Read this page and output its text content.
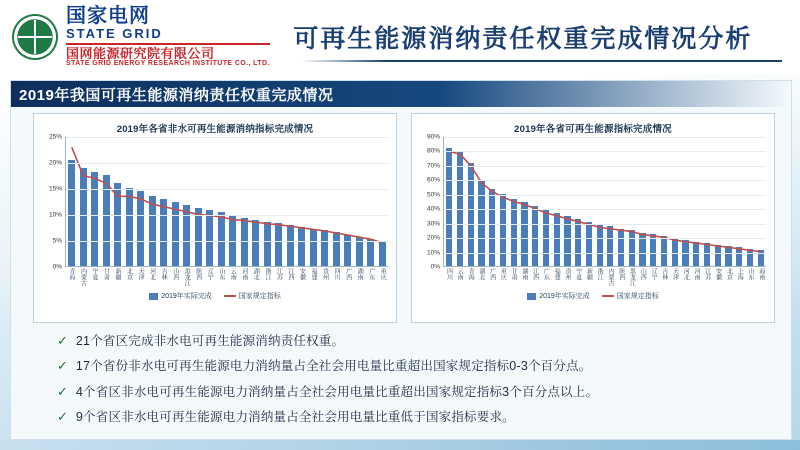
国家电网
STATE GRID
国网能源研究院有限公司
STATE GRID ENERGY RESEARCH INSTITUTE CO., LTD.
可再生能源消纳责任权重完成情况分析
2019年我国可再生能源消纳责任权重完成情况
2019年各省非水可再生能源消纳指标完成情况
0%
5%
10%
15%
20%
25%
青海 内蒙古 宁夏 甘肃 新疆 北京 天津 河北 吉林 山西 黑龙江 陕西 辽宁 山东 云南 河南 湖北 浙江 江苏 江西 安徽 福建 贵州 四川 广西 湖南 广东 重庆
2019年实际完成	国家规定指标
2019年各省可再生能源指标完成情况
0%
10%
20%
30%
40%
50%
60%
70%
80%
90%
四川 云南 青海 湖北 广西 重庆 甘肃 湖南 江西 广东 福建 贵州 宁夏 新疆 浙江 内蒙古 陕西 黑龙江 山西 辽宁 吉林 天津 河北 河南 江苏 安徽 北京 上海 山东 海南
2019年实际完成	国家规定指标
✓ 21个省区完成非水电可再生能源消纳责任权重。
✓ 17个省份非水电可再生能源电力消纳量占全社会用电量比重超出国家规定指标0-3个百分点。
✓ 4个省区非水电可再生能源电力消纳量占全社会用电量比重超出国家规定指标3个百分点以上。
✓ 9个省区非水电可再生能源电力消纳量占全社会用电量比重低于国家指标要求。
